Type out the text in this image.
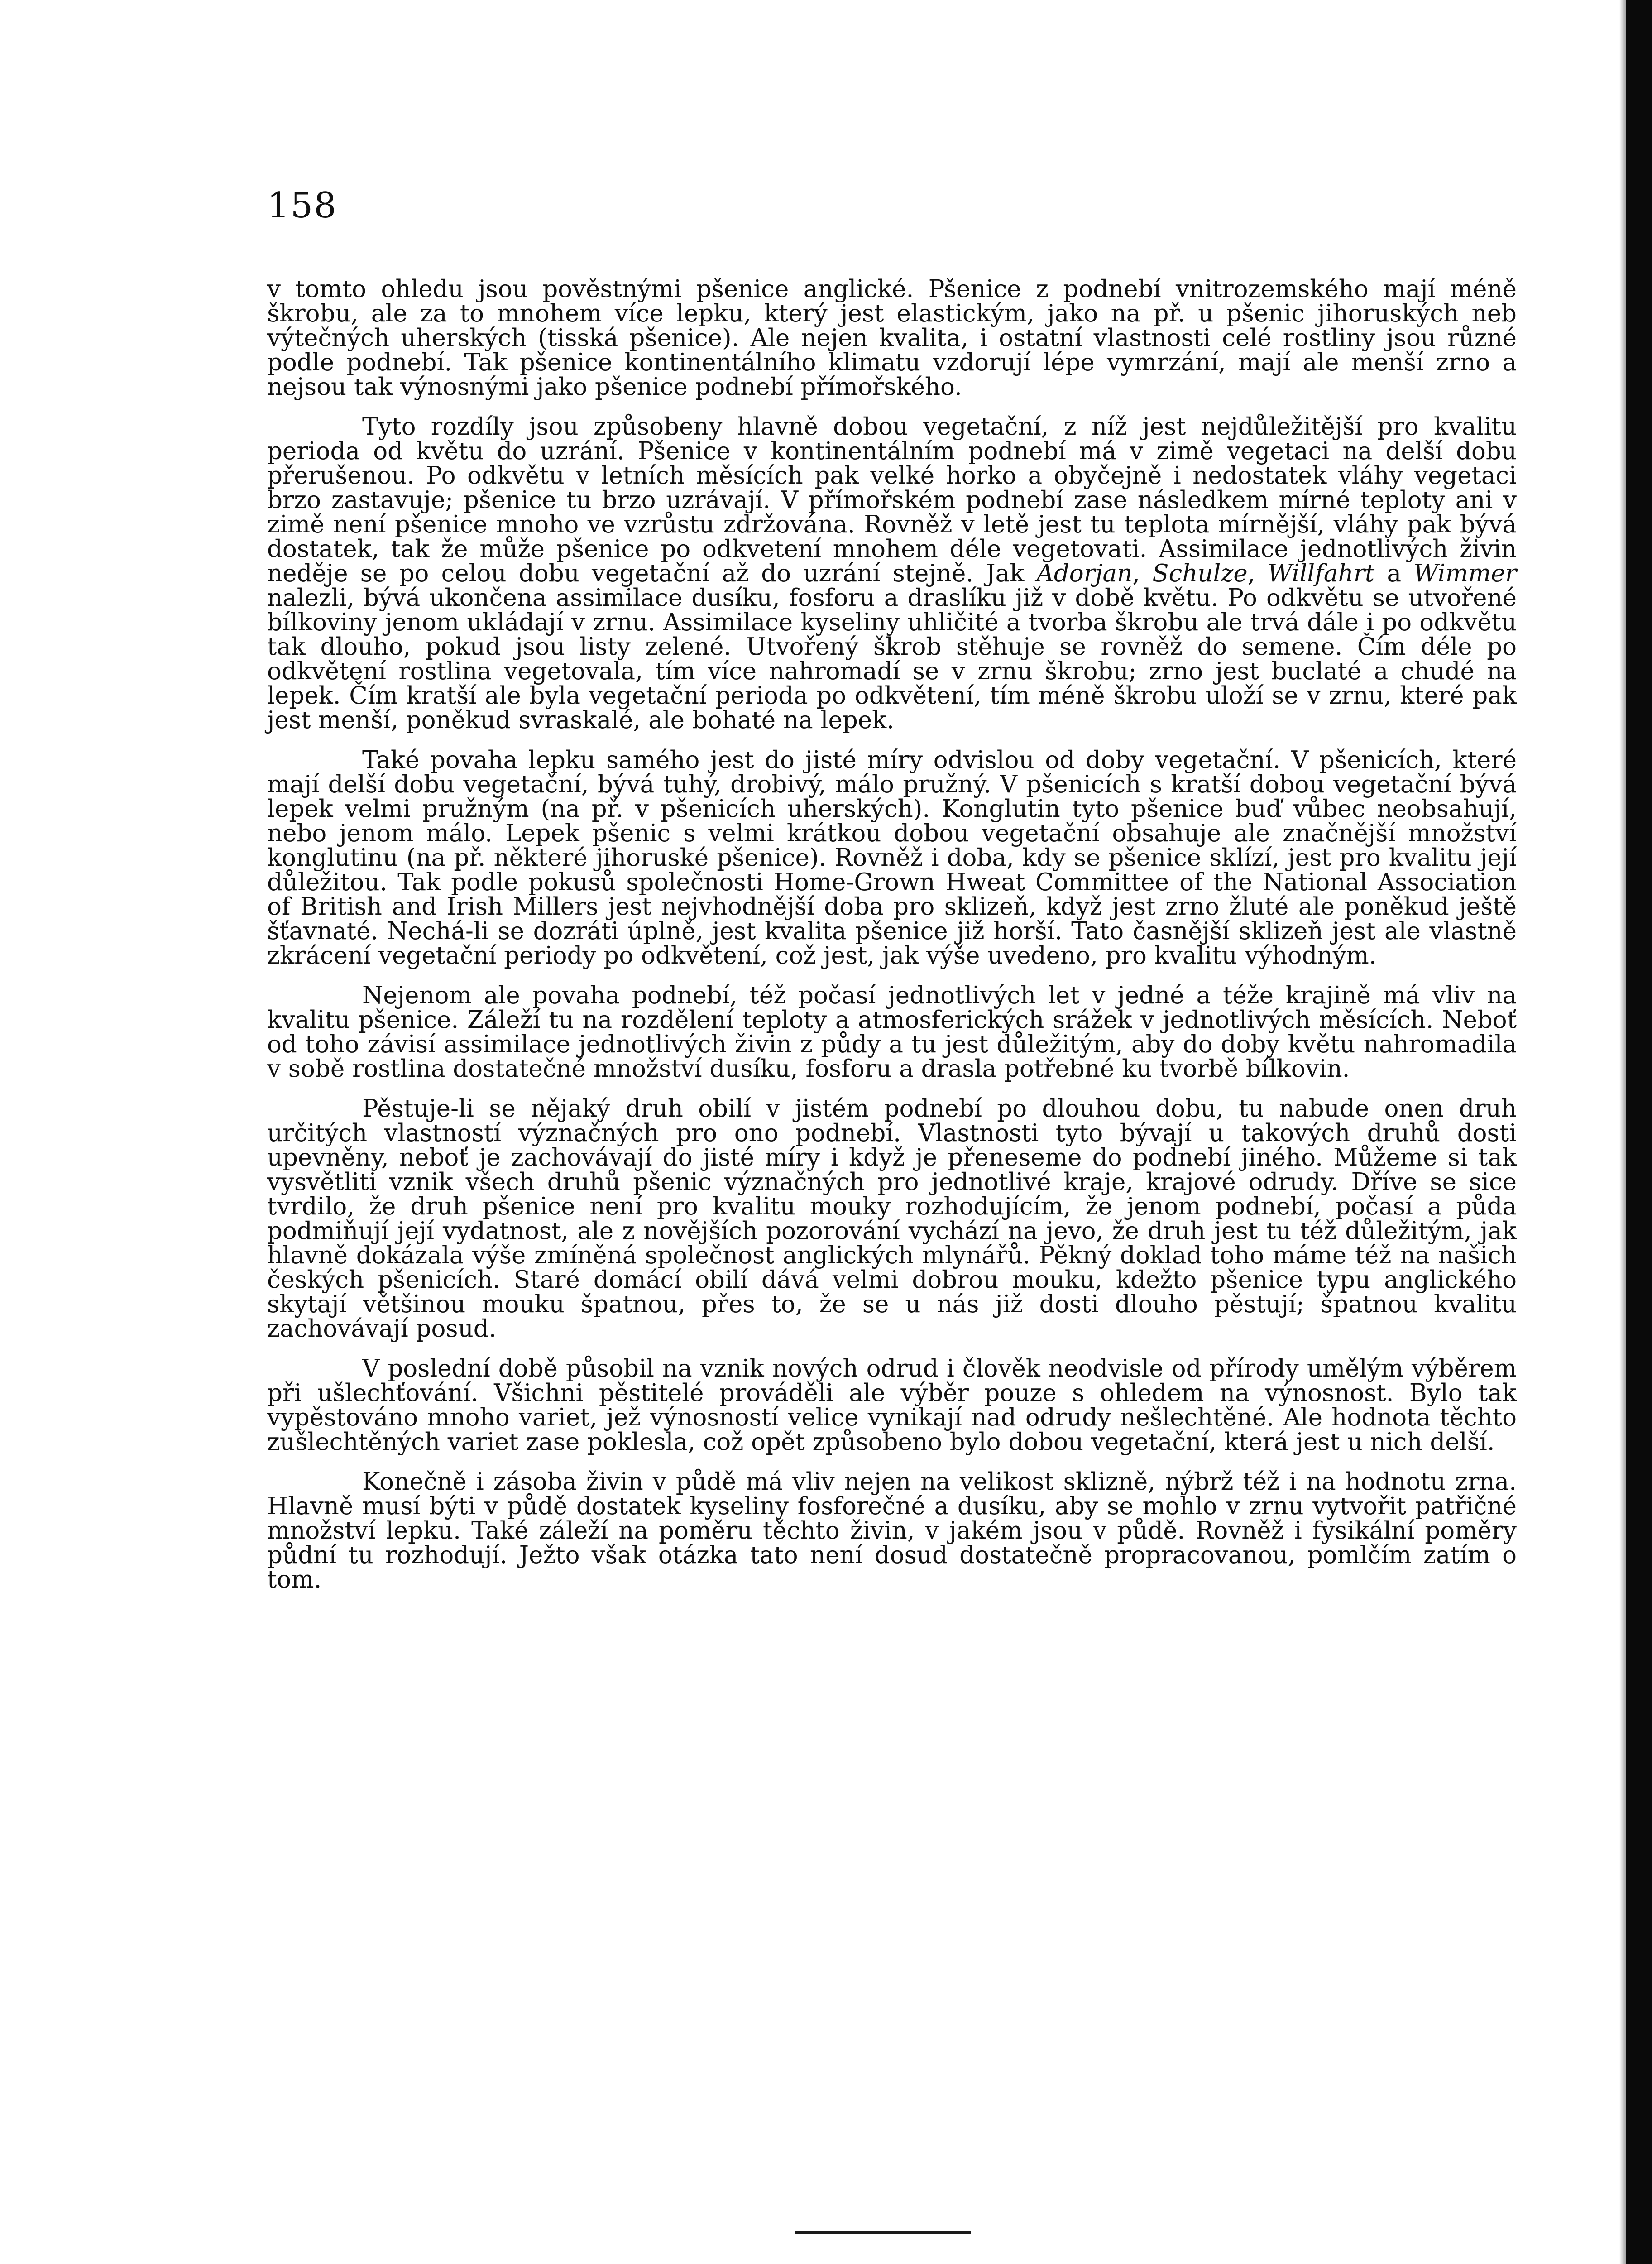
158

v tomto ohledu jsou pověstnými pšenice anglické. Pšenice z podnebí vnitrozemského mají méně škrobu, ale za to mnohem více lepku, který jest elastickým, jako na př. u pšenic jihoruských neb výtečných uherských (tisská pšenice). Ale nejen kvalita, i ostatní vlastnosti celé rostliny jsou různé podle podnebí. Tak pšenice kontinentálního klimatu vzdorují lépe vymrzání, mají ale menší zrno a nejsou tak výnosnými jako pšenice podnebí přímořského.

Tyto rozdíly jsou způsobeny hlavně dobou vegetační, z níž jest nejdůležitější pro kvalitu perioda od květu do uzrání. Pšenice v kontinentálním podnebí má v zimě vegetaci na delší dobu přerušenou. Po odkvětu v letních měsících pak velké horko a obyčejně i nedostatek vláhy vegetaci brzo zastavuje; pšenice tu brzo uzrávají. V přímořském podnebí zase následkem mírné teploty ani v zimě není pšenice mnoho ve vzrůstu zdržována. Rovněž v letě jest tu teplota mírnější, vláhy pak bývá dostatek, tak že může pšenice po odkvetení mnohem déle vegetovati. Assimilace jednotlivých živin neděje se po celou dobu vegetační až do uzrání stejně. Jak Adorjan, Schulze, Willfahrt a Wimmer nalezli, bývá ukončena assimilace dusíku, fosforu a draslíku již v době květu. Po odkvětu se utvořené bílkoviny jenom ukládají v zrnu. Assimilace kyseliny uhličité a tvorba škrobu ale trvá dále i po odkvětu tak dlouho, pokud jsou listy zelené. Utvořený škrob stěhuje se rovněž do semene. Čím déle po odkvětení rostlina vegetovala, tím více nahromadí se v zrnu škrobu; zrno jest buclaté a chudé na lepek. Čím kratší ale byla vegetační perioda po odkvětení, tím méně škrobu uloží se v zrnu, které pak jest menší, poněkud svraskalé, ale bohaté na lepek.

Také povaha lepku samého jest do jisté míry odvislou od doby vegetační. V pšenicích, které mají delší dobu vegetační, bývá tuhý, drobivý, málo pružný. V pšenicích s kratší dobou vegetační bývá lepek velmi pružným (na př. v pšenicích uherských). Konglutin tyto pšenice buď vůbec neobsahují, nebo jenom málo. Lepek pšenic s velmi krátkou dobou vegetační obsahuje ale značnější množství konglutinu (na př. některé jihoruské pšenice). Rovněž i doba, kdy se pšenice sklízí, jest pro kvalitu její důležitou. Tak podle pokusů společnosti Home-Grown Hweat Committee of the National Association of British and Irish Millers jest nejvhodnější doba pro sklizeň, když jest zrno žluté ale poněkud ještě šťavnaté. Nechá-li se dozráti úplně, jest kvalita pšenice již horší. Tato časnější sklizeň jest ale vlastně zkrácení vegetační periody po odkvětení, což jest, jak výše uvedeno, pro kvalitu výhodným.

Nejenom ale povaha podnebí, též počasí jednotlivých let v jedné a téže krajině má vliv na kvalitu pšenice. Záleží tu na rozdělení teploty a atmosferických srážek v jednotlivých měsících. Neboť od toho závisí assimilace jednotlivých živin z půdy a tu jest důležitým, aby do doby květu nahromadila v sobě rostlina dostatečné množství dusíku, fosforu a drasla potřebné ku tvorbě bílkovin.

Pěstuje-li se nějaký druh obilí v jistém podnebí po dlouhou dobu, tu nabude onen druh určitých vlastností význačných pro ono podnebí. Vlastnosti tyto bývají u takových druhů dosti upevněny, neboť je zachovávají do jisté míry i když je přeneseme do podnebí jiného. Můžeme si tak vysvětliti vznik všech druhů pšenic význačných pro jednotlivé kraje, krajové odrudy. Dříve se sice tvrdilo, že druh pšenice není pro kvalitu mouky rozhodujícím, že jenom podnebí, počasí a půda podmiňují její vydatnost, ale z novějších pozorování vychází na jevo, že druh jest tu též důležitým, jak hlavně dokázala výše zmíněná společnost anglických mlynářů. Pěkný doklad toho máme též na našich českých pšenicích. Staré domácí obilí dává velmi dobrou mouku, kdežto pšenice typu anglického skytají většinou mouku špatnou, přes to, že se u nás již dosti dlouho pěstují; špatnou kvalitu zachovávají posud.

V poslední době působil na vznik nových odrud i člověk neodvisle od přírody umělým výběrem při ušlechťování. Všichni pěstitelé prováděli ale výběr pouze s ohledem na výnosnost. Bylo tak vypěstováno mnoho variet, jež výnosností velice vynikají nad odrudy nešlechtěné. Ale hodnota těchto zušlechtěných variet zase poklesla, což opět způsobeno bylo dobou vegetační, která jest u nich delší.

Konečně i zásoba živin v půdě má vliv nejen na velikost sklizně, nýbrž též i na hodnotu zrna. Hlavně musí býti v půdě dostatek kyseliny fosforečné a dusíku, aby se mohlo v zrnu vytvořit patřičné množství lepku. Také záleží na poměru těchto živin, v jakém jsou v půdě. Rovněž i fysikální poměry půdní tu rozhodují. Ježto však otázka tato není dosud dostatečně propracovanou, pomlčím zatím o tom.
